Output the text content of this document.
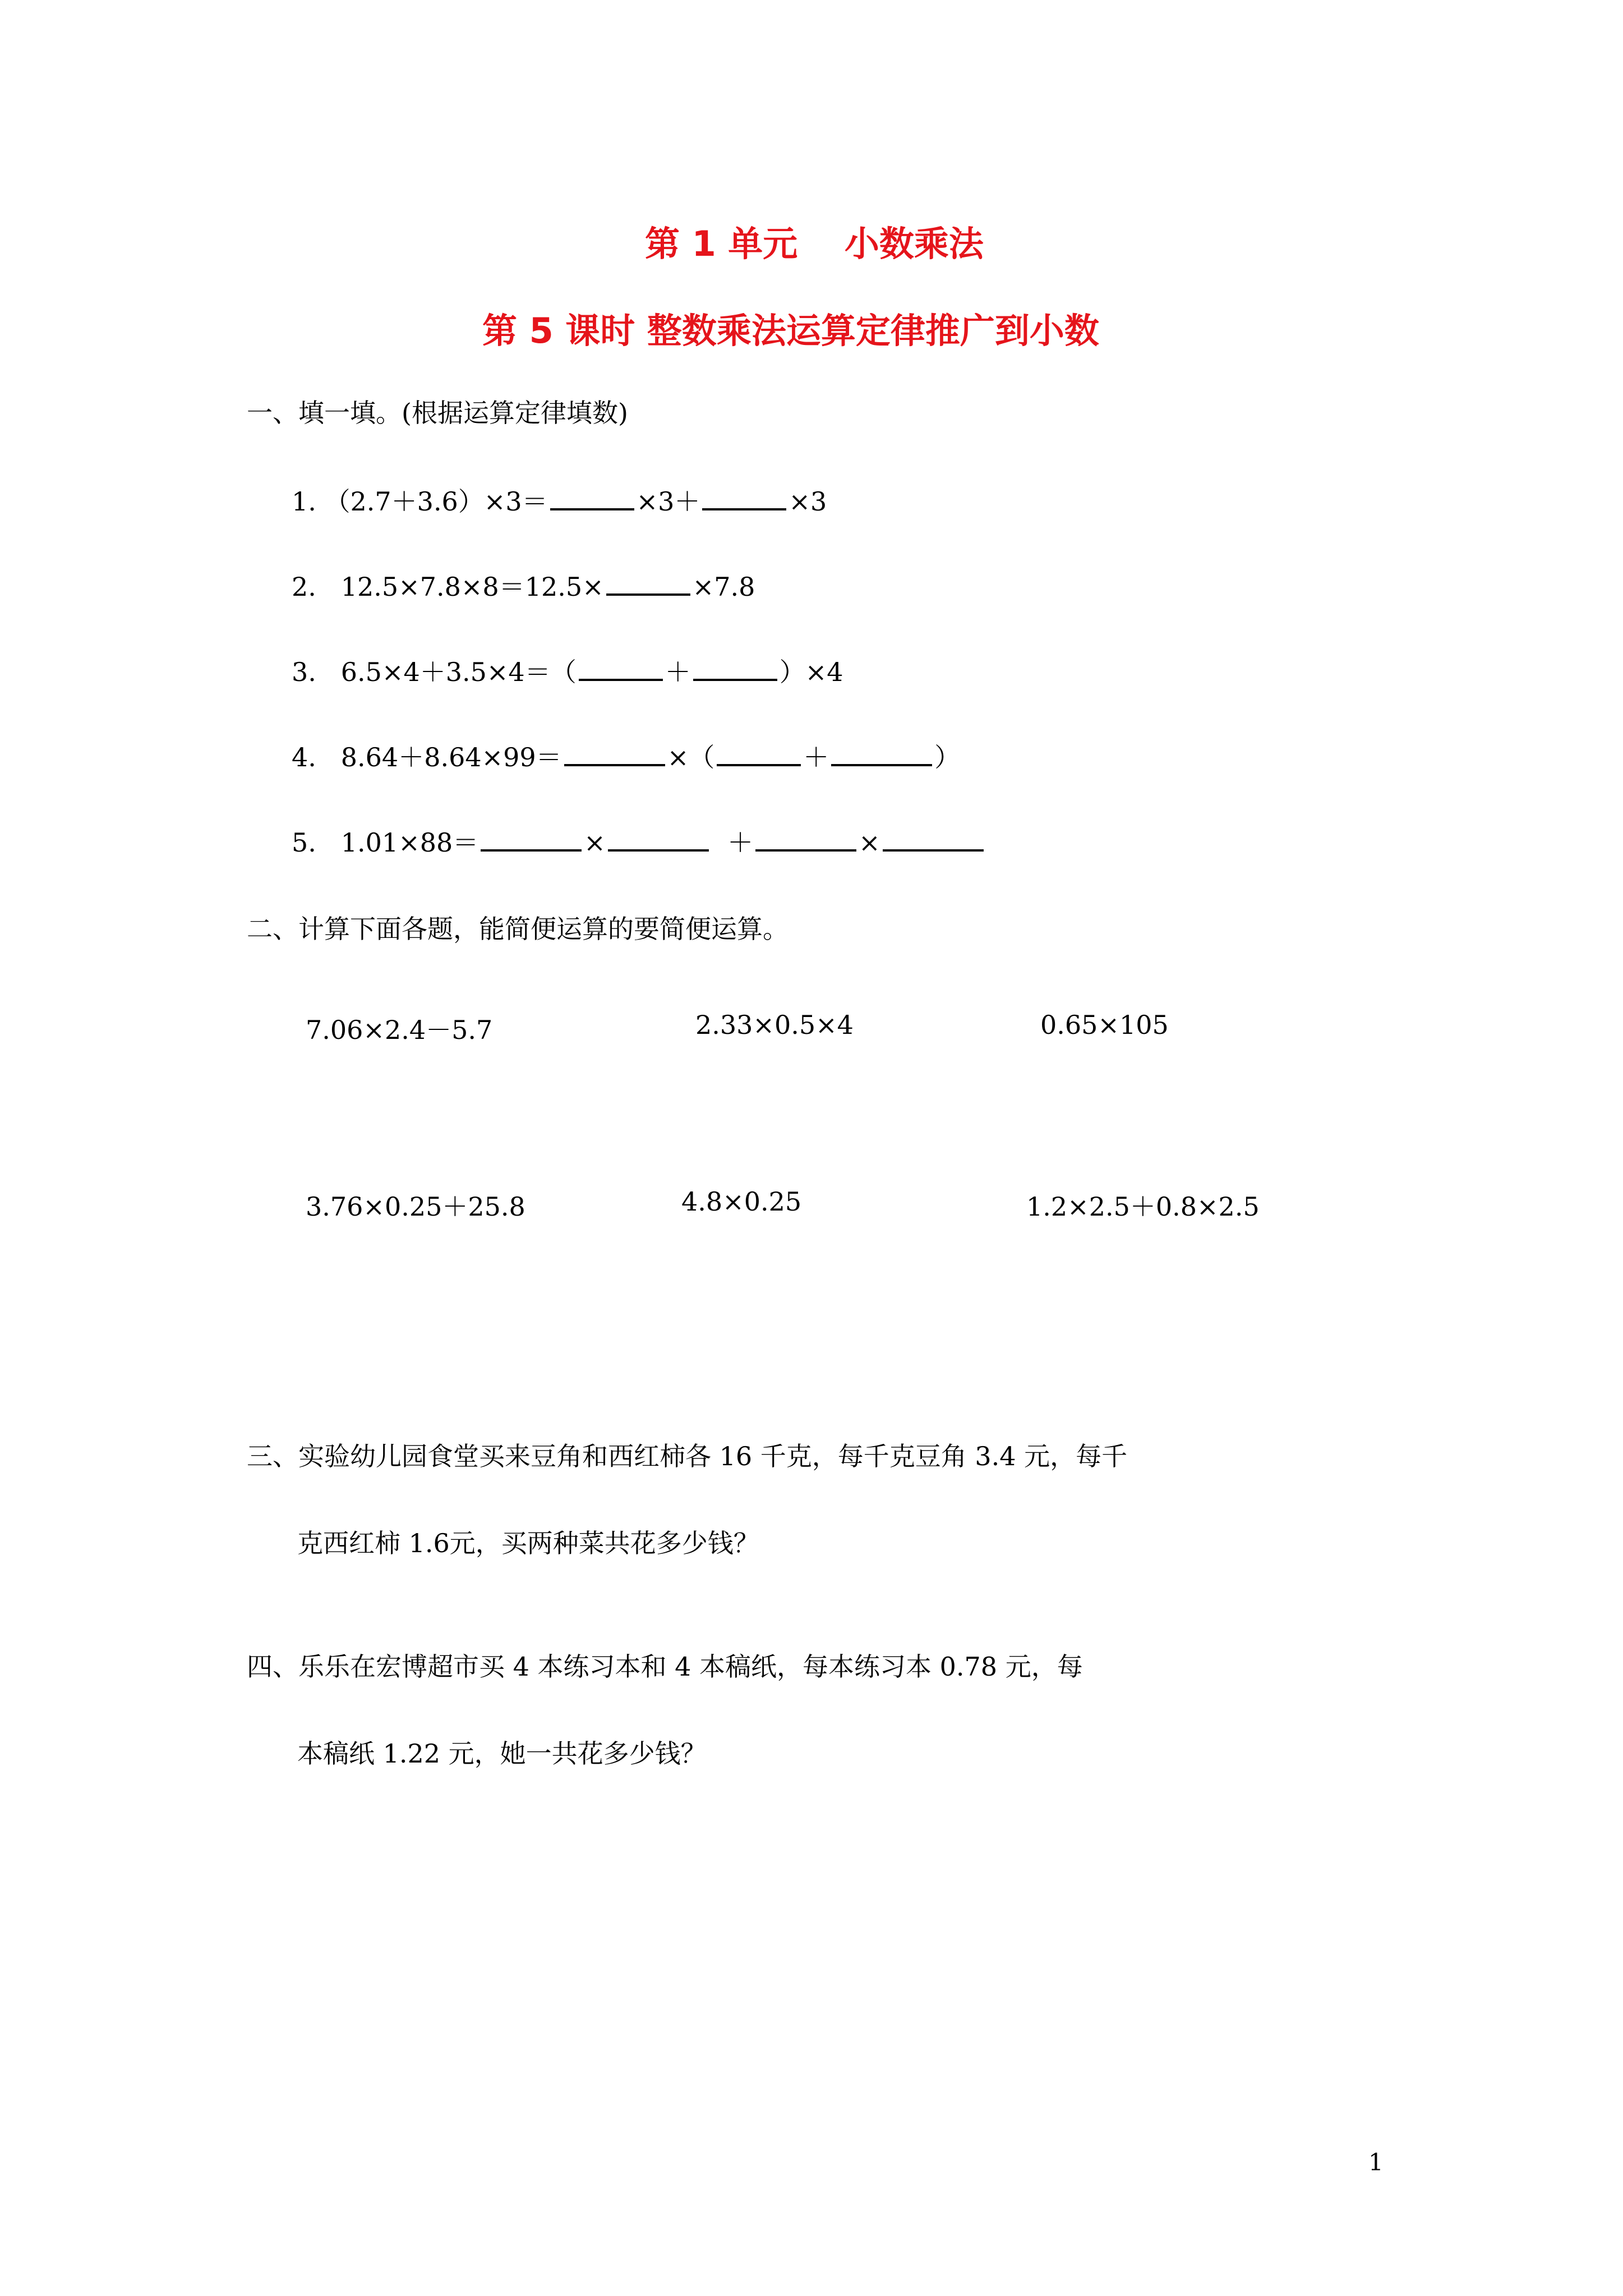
第 1 单元　 小数乘法
第 5 课时 整数乘法运算定律推广到小数
一、填一填。(根据运算定律填数)
1. （2.7＋3.6）×3＝	×3＋	×3
2. 12.5×7.8×8＝12.5×	×7.8
3. 6.5×4＋3.5×4＝（	＋	）×4
4. 8.64＋8.64×99＝	×（	＋	）
5. 1.01×88＝	×	＋	×
二、计算下面各题，能简便运算的要简便运算。
7.06×2.4－5.7	2.33×0.5×4	0.65×105
3.76×0.25＋25.8	4.8×0.25	1.2×2.5＋0.8×2.5
三、实验幼儿园食堂买来豆角和西红柿各 16 千克，每千克豆角 3.4 元，每千
克西红柿 1.6元，买两种菜共花多少钱？
四、乐乐在宏博超市买 4 本练习本和 4 本稿纸，每本练习本 0.78 元，每
本稿纸 1.22 元，她一共花多少钱？
1
